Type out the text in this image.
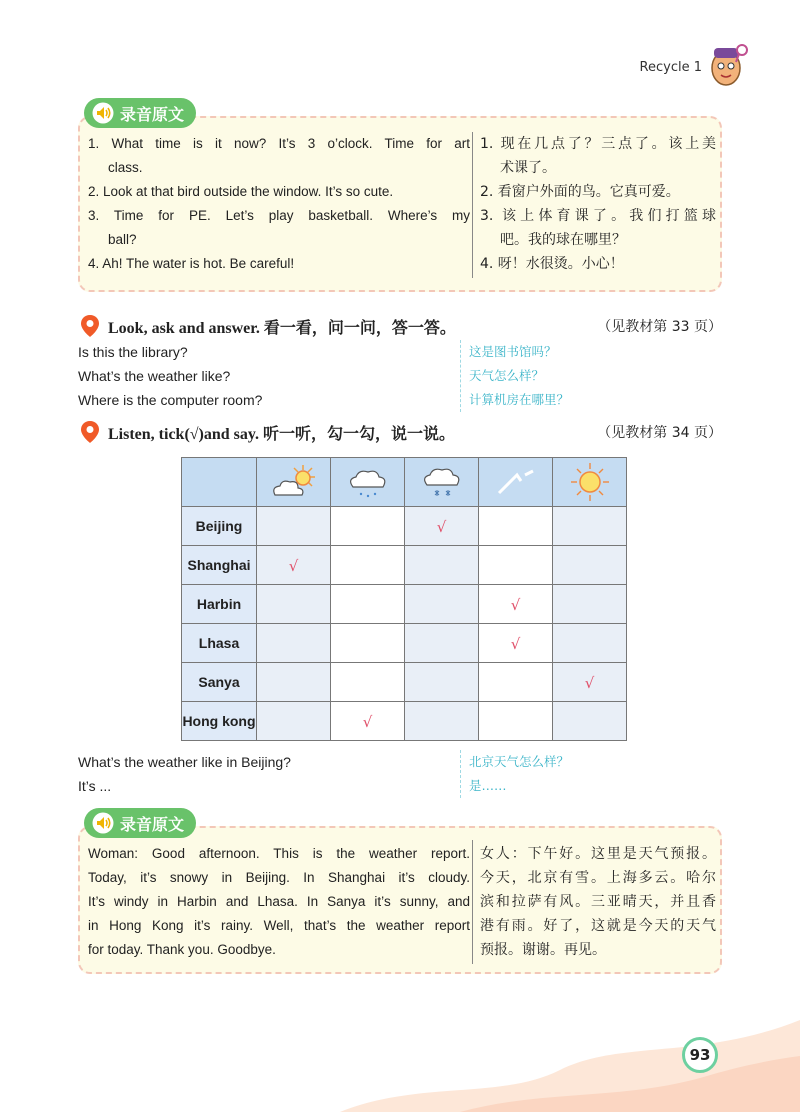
Recycle 1
1. What time is it now? It’s 3 o’clock. Time for art
class.
2. Look at that bird outside the window. It’s so cute.
3. Time for PE. Let’s play basketball. Where’s my
ball?
4. Ah! The water is hot. Be careful!
1. 现在几点了？三点了。该上美
术课了。
2. 看窗户外面的鸟。它真可爱。
3. 该上体育课了。我们打篮球
吧。我的球在哪里？
4. 呀！水很烫。小心！
录音原文
Look, ask and answer. 看一看，问一问，答一答。	（见教材第 33 页）
Is this the library?
What’s the weather like?
Where is the computer room?
这是图书馆吗？
天气怎么样？
计算机房在哪里？
Listen, tick(√)and say. 听一听，勾一勾，说一说。	（见教材第 34 页）

Beijing			√		
Shanghai	√				
Harbin				√	
Lhasa				√	
Sanya					√
Hong kong		√			
What’s the weather like in Beijing?
It’s ...
北京天气怎么样？
是……
Woman: Good afternoon. This is the weather report.
Today, it’s snowy in Beijing. In Shanghai it’s cloudy.
It’s windy in Harbin and Lhasa. In Sanya it’s sunny, and
in Hong Kong it’s rainy. Well, that’s the weather report
for today. Thank you. Goodbye.
女人：下午好。这里是天气预报。
今天，北京有雪。上海多云。哈尔
滨和拉萨有风。三亚晴天，并且香
港有雨。好了，这就是今天的天气
预报。谢谢。再见。
录音原文
93
